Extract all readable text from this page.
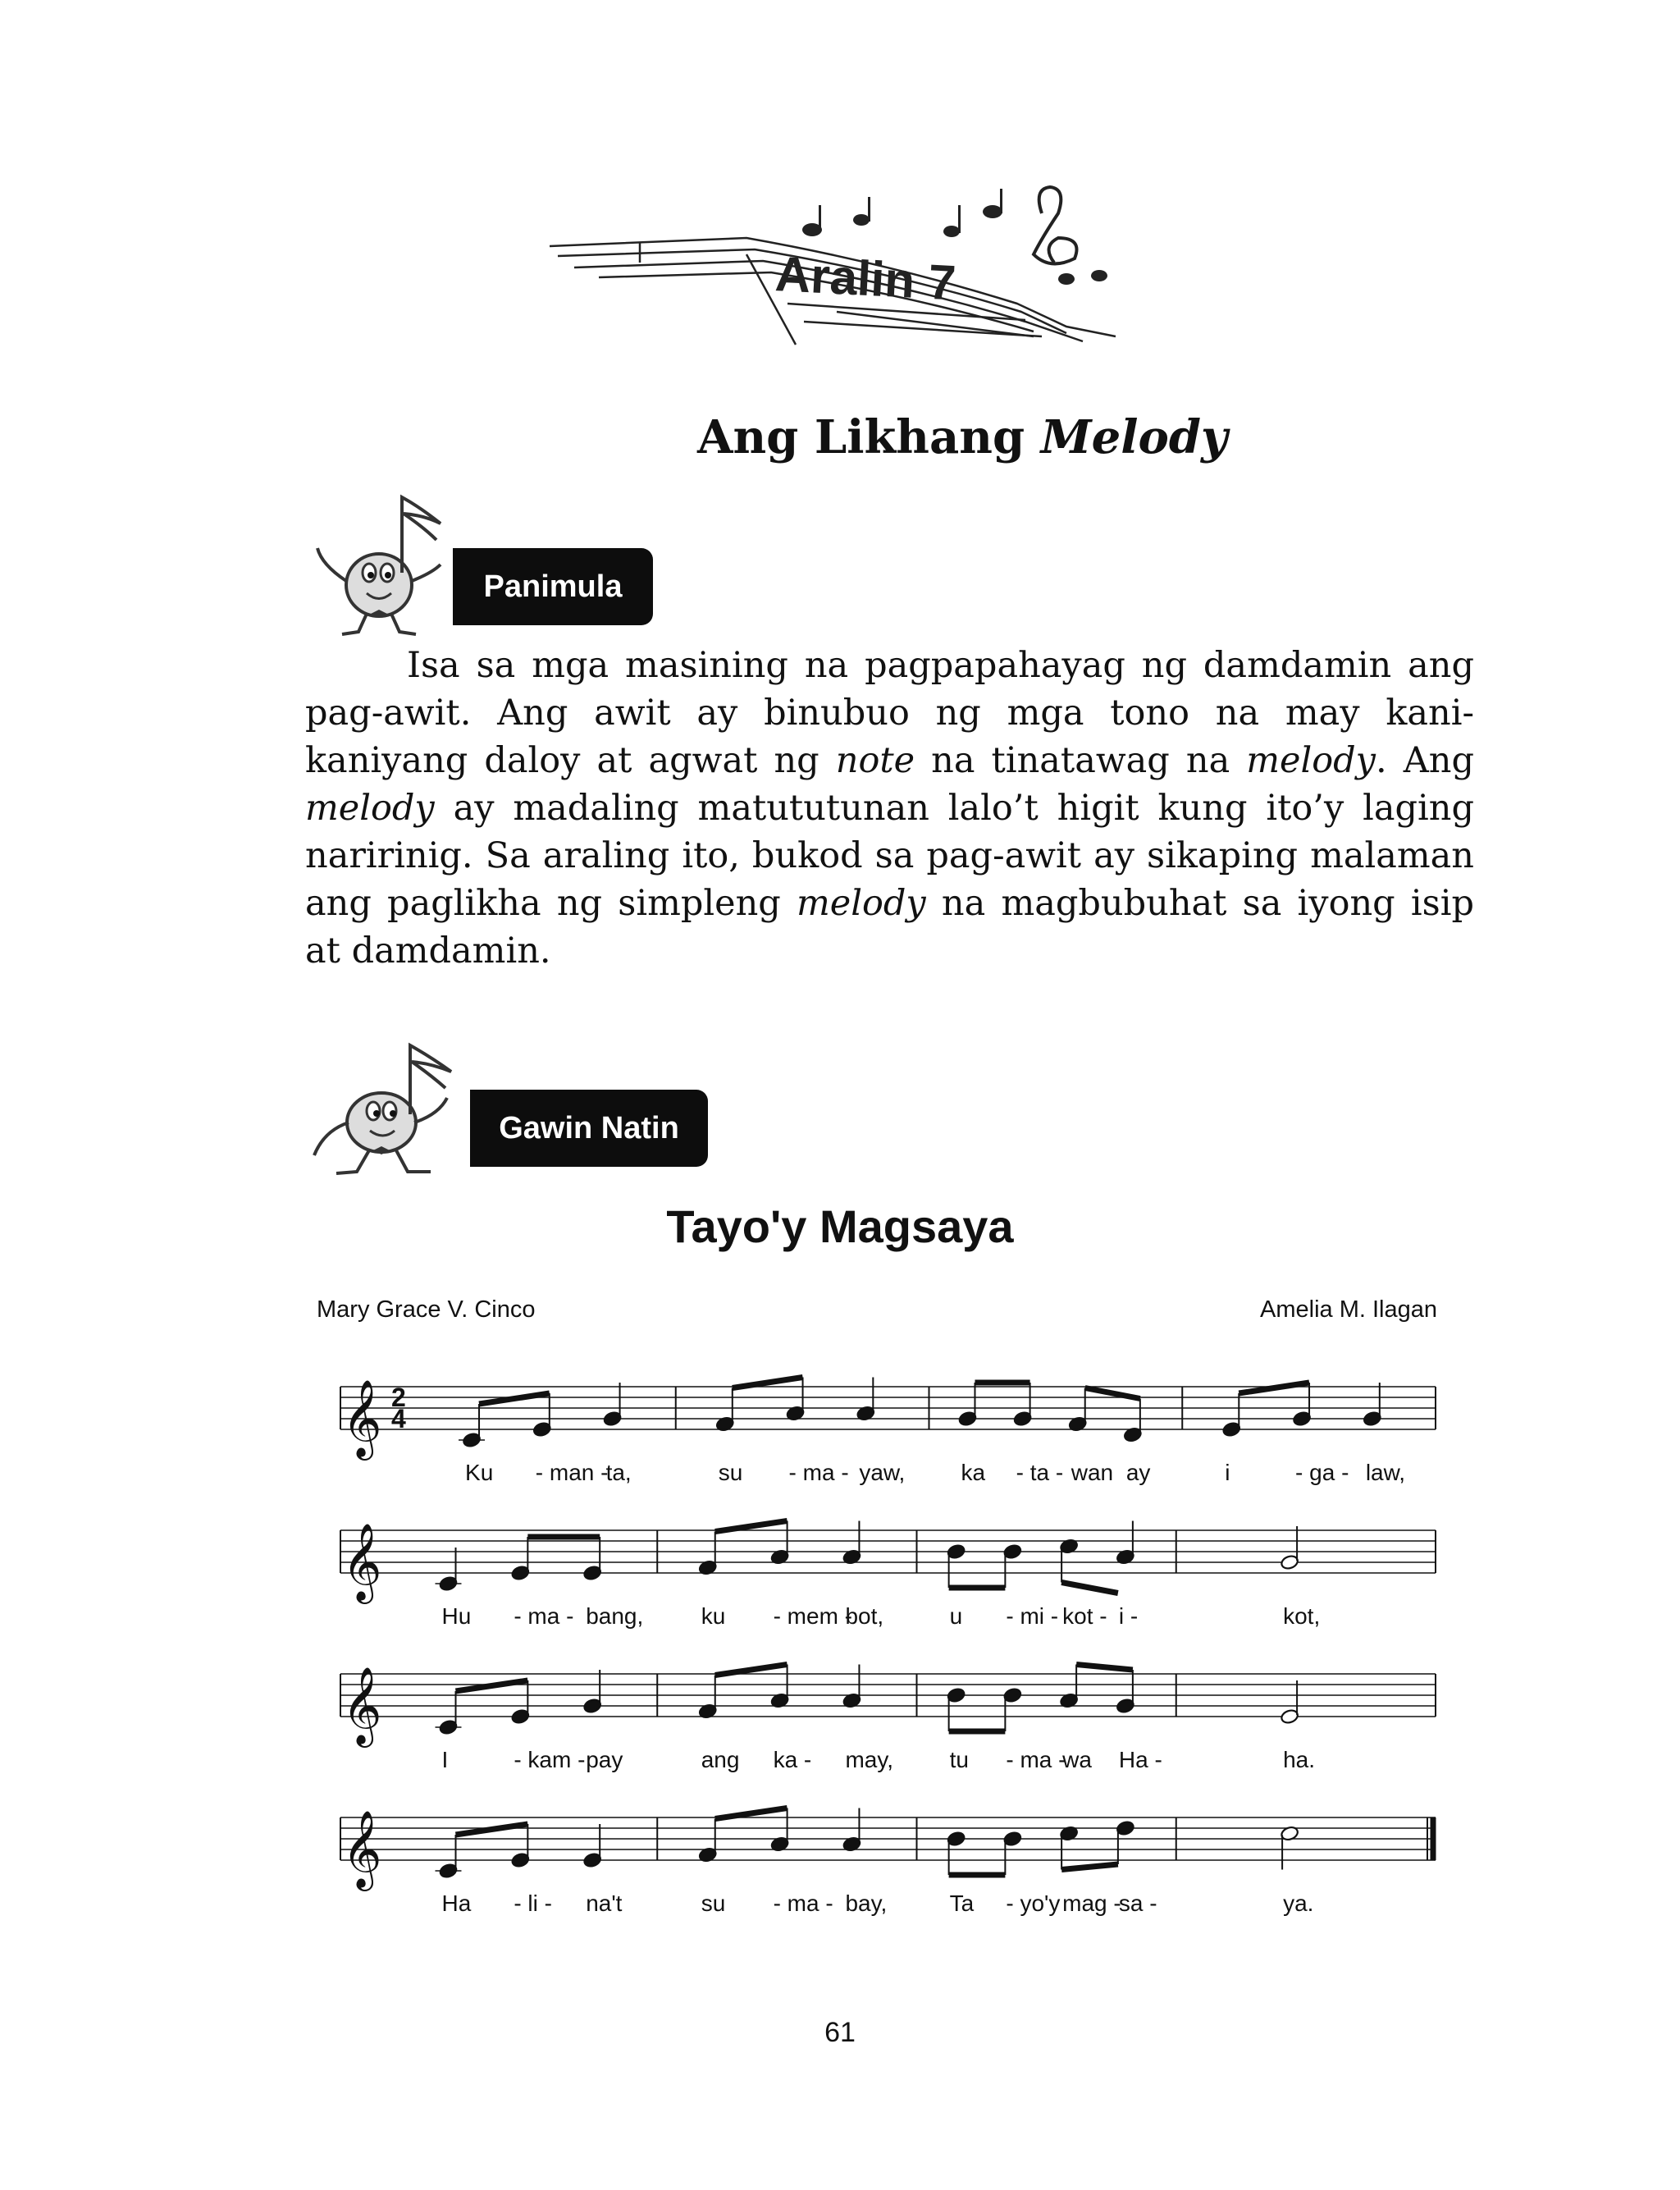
Aralin 7
Ang Likhang Melody
Panimula

Isa sa mga masining na pagpapahayag ng damdamin ang pag-awit. Ang awit ay binubuo ng mga tono na may kani-kaniyang daloy at agwat ng note na tinatawag na melody. Ang melody ay madaling matututunan lalo’t higit kung ito’y laging naririnig. Sa araling ito, bukod sa pag-awit ay sikaping malaman ang paglikha ng simpleng melody na magbubuhat sa iyong isip at damdamin.

Gawin Natin
Tayo'y Magsaya
Mary Grace V. Cinco	Amelia M. Ilagan
𝄞 2
4
Ku - man -
ta,	su - ma - yaw, ka - ta - wan ay	i	- ga - law,
𝄞
Hu - ma - bang,	ku - mem -
bot,	u - mi - kot - i -	kot,
𝄞
I	- kam - pay	ang ka - may, tu - ma -
wa Ha -	ha.
𝄞
Ha - li - na't	su - ma - bay,	Ta - yo'y mag -
sa -	ya.
61
